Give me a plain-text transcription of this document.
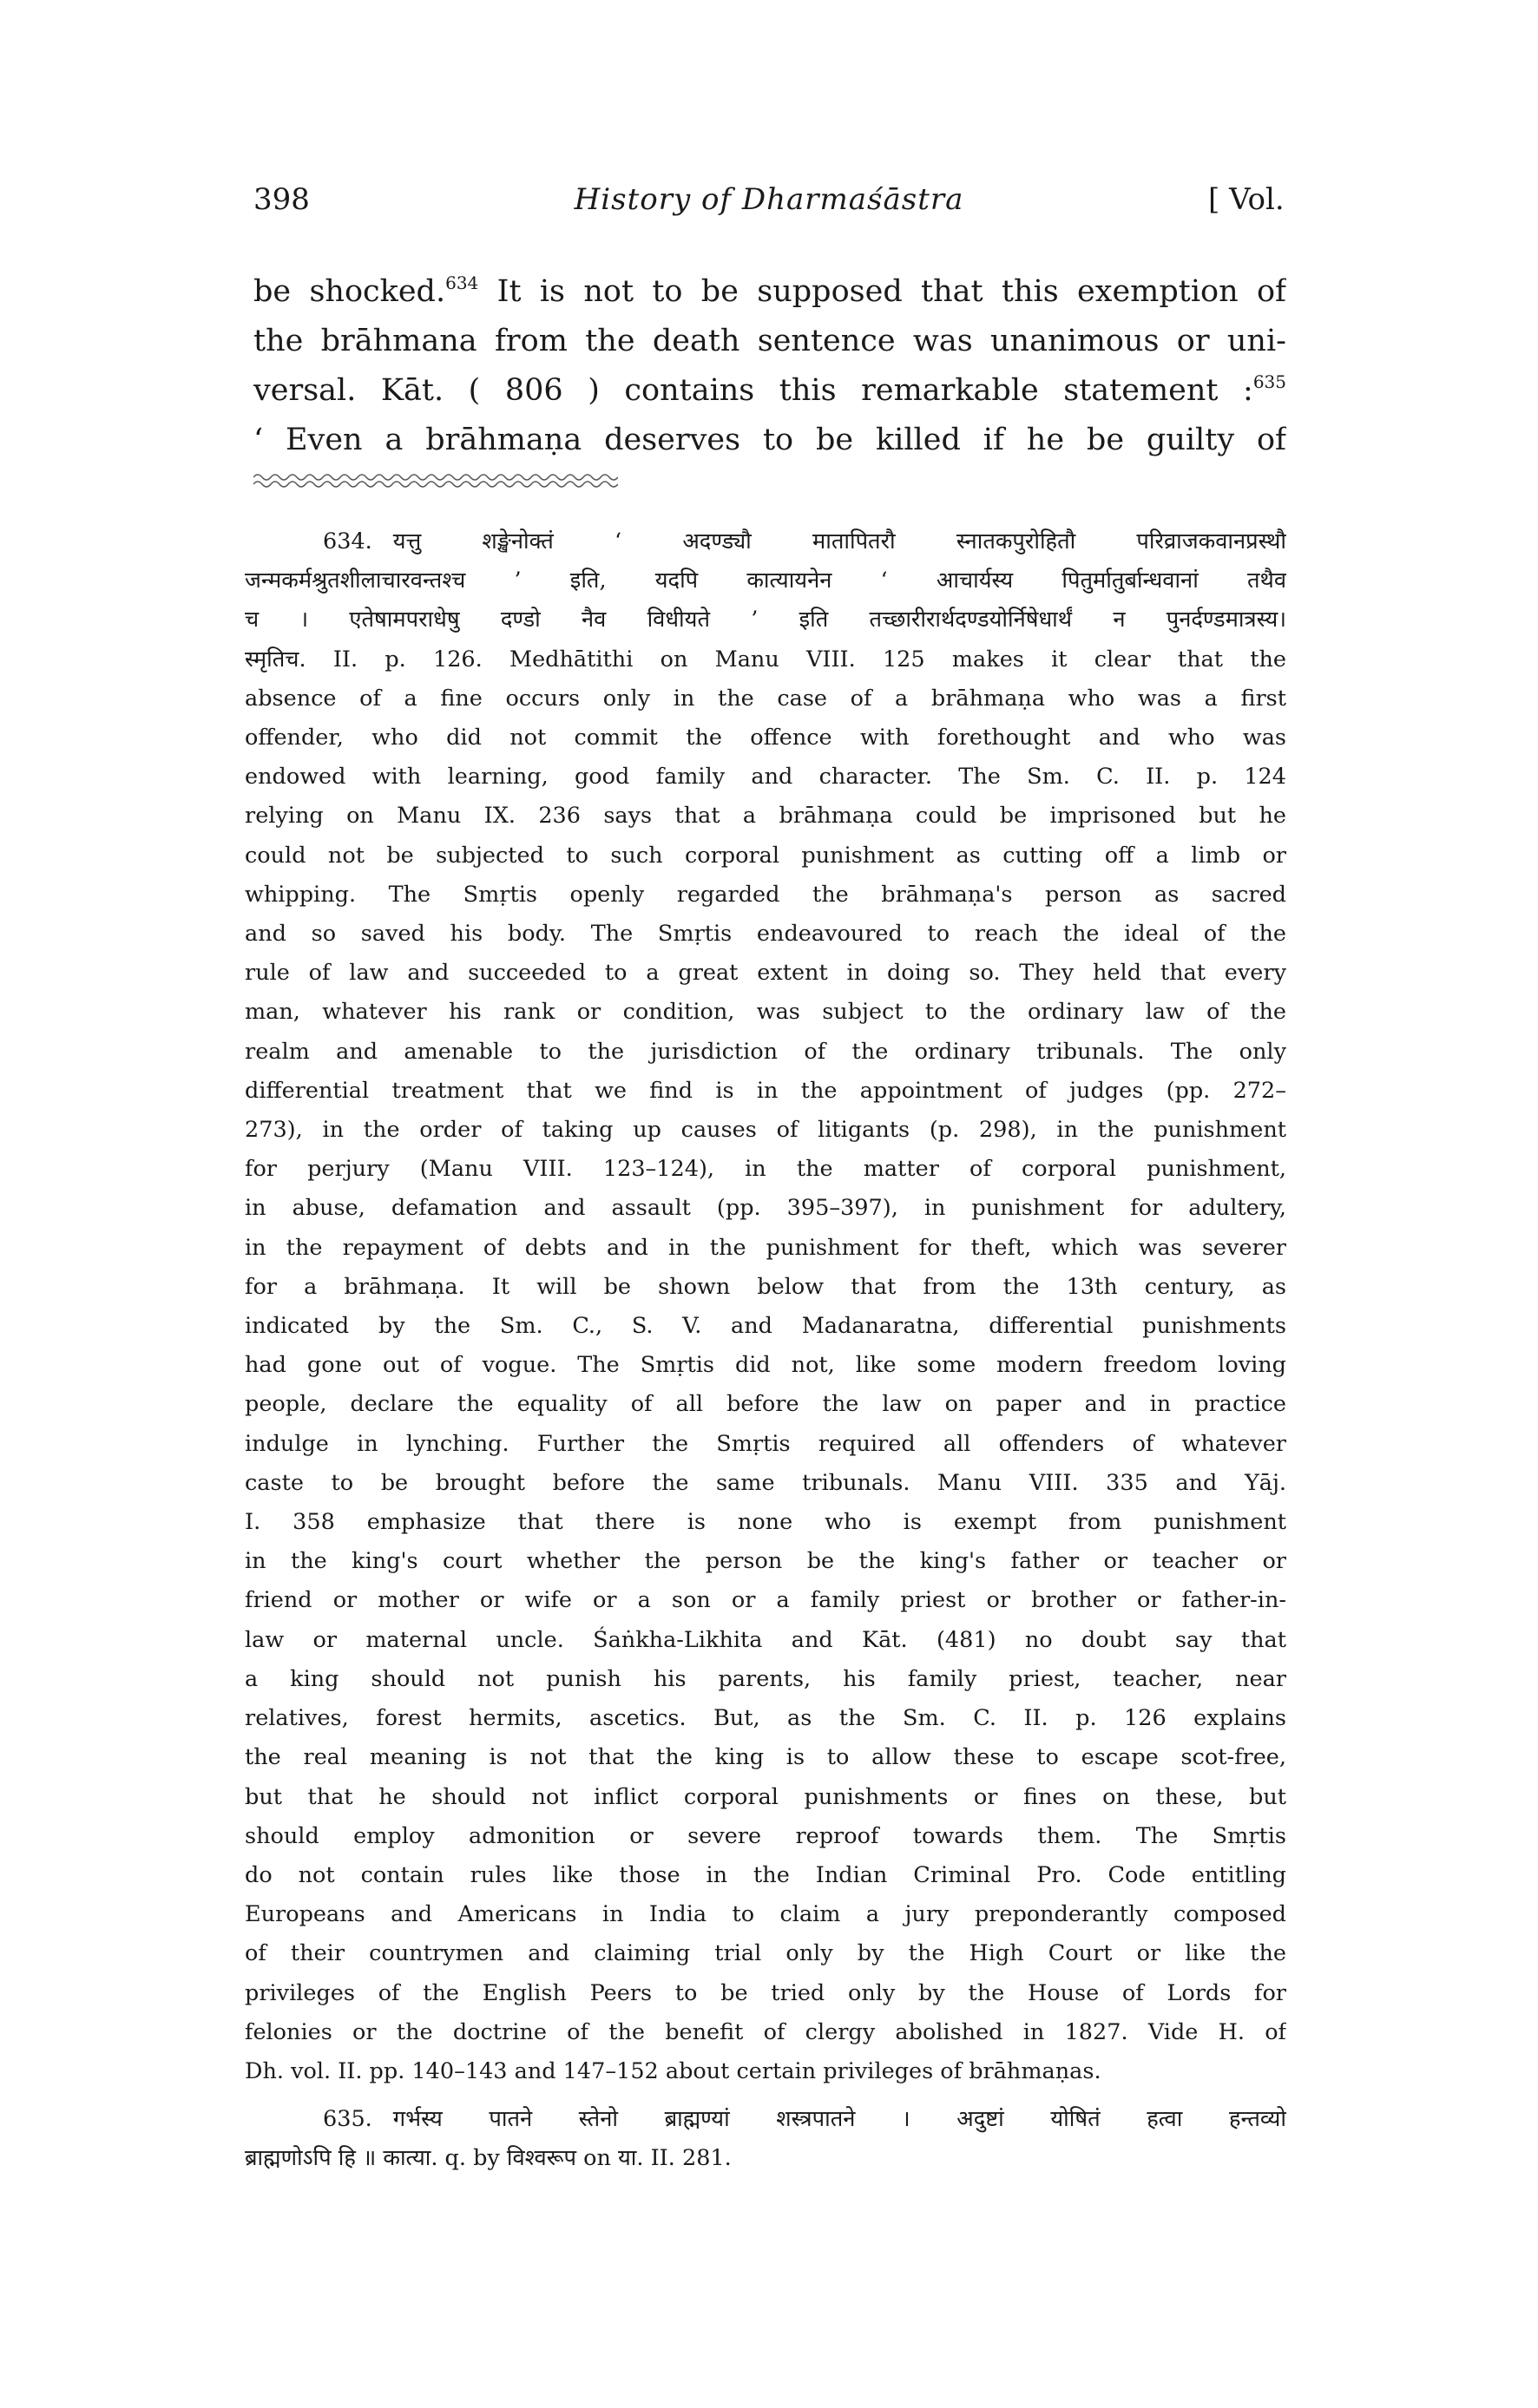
398	History of Dharmaśāstra	[ Vol.
be shocked.$^{634}$ It is not to be supposed that this exemption of
the brāhmana from the death sentence was unanimous or uni-
versal. Kāt. ( 806 ) contains this remarkable statement :$^{635}$
‘ Even a brāhmaṇa deserves to be killed if he be guilty of
634. यत्तु शङ्खेनोक्तं ‘ अदण्ड्यौ मातापितरौ स्नातकपुरोहितौ परिव्राजकवानप्रस्थौ
जन्मकर्मश्रुतशीलाचारवन्तश्च ’ इति, यदपि कात्यायनेन ‘ आचार्यस्य पितुर्मातुर्बान्धवानां तथैव
च । एतेषामपराधेषु दण्डो नैव विधीयते ’ इति तच्छारीरार्थदण्डयोर्निषेधार्थं न पुनर्दण्डमात्रस्य।
स्मृतिच. II. p. 126. Medhātithi on Manu VIII. 125 makes it clear that the
absence of a fine occurs only in the case of a brāhmaṇa who was a first
offender, who did not commit the offence with forethought and who was
endowed with learning, good family and character. The Sm. C. II. p. 124
relying on Manu IX. 236 says that a brāhmaṇa could be imprisoned but he
could not be subjected to such corporal punishment as cutting off a limb or
whipping. The Smṛtis openly regarded the brāhmaṇa's person as sacred
and so saved his body. The Smṛtis endeavoured to reach the ideal of the
rule of law and succeeded to a great extent in doing so. They held that every
man, whatever his rank or condition, was subject to the ordinary law of the
realm and amenable to the jurisdiction of the ordinary tribunals. The only
differential treatment that we find is in the appointment of judges (pp. 272–
273), in the order of taking up causes of litigants (p. 298), in the punishment
for perjury (Manu VIII. 123–124), in the matter of corporal punishment,
in abuse, defamation and assault (pp. 395–397), in punishment for adultery,
in the repayment of debts and in the punishment for theft, which was severer
for a brāhmaṇa. It will be shown below that from the 13th century, as
indicated by the Sm. C., S. V. and Madanaratna, differential punishments
had gone out of vogue. The Smṛtis did not, like some modern freedom loving
people, declare the equality of all before the law on paper and in practice
indulge in lynching. Further the Smṛtis required all offenders of whatever
caste to be brought before the same tribunals. Manu VIII. 335 and Yāj.
I. 358 emphasize that there is none who is exempt from punishment
in the king's court whether the person be the king's father or teacher or
friend or mother or wife or a son or a family priest or brother or father-in-
law or maternal uncle. Śaṅkha-Likhita and Kāt. (481) no doubt say that
a king should not punish his parents, his family priest, teacher, near
relatives, forest hermits, ascetics. But, as the Sm. C. II. p. 126 explains
the real meaning is not that the king is to allow these to escape scot-free,
but that he should not inflict corporal punishments or fines on these, but
should employ admonition or severe reproof towards them. The Smṛtis
do not contain rules like those in the Indian Criminal Pro. Code entitling
Europeans and Americans in India to claim a jury preponderantly composed
of their countrymen and claiming trial only by the High Court or like the
privileges of the English Peers to be tried only by the House of Lords for
felonies or the doctrine of the benefit of clergy abolished in 1827. Vide H. of
Dh. vol. II. pp. 140–143 and 147–152 about certain privileges of brāhmaṇas.
635. गर्भस्य पातने स्तेनो ब्राह्मण्यां शस्त्रपातने । अदुष्टां योषितं हत्वा हन्तव्यो
ब्राह्मणोऽपि हि ॥ कात्या. q. by विश्वरूप on या. II. 281.
